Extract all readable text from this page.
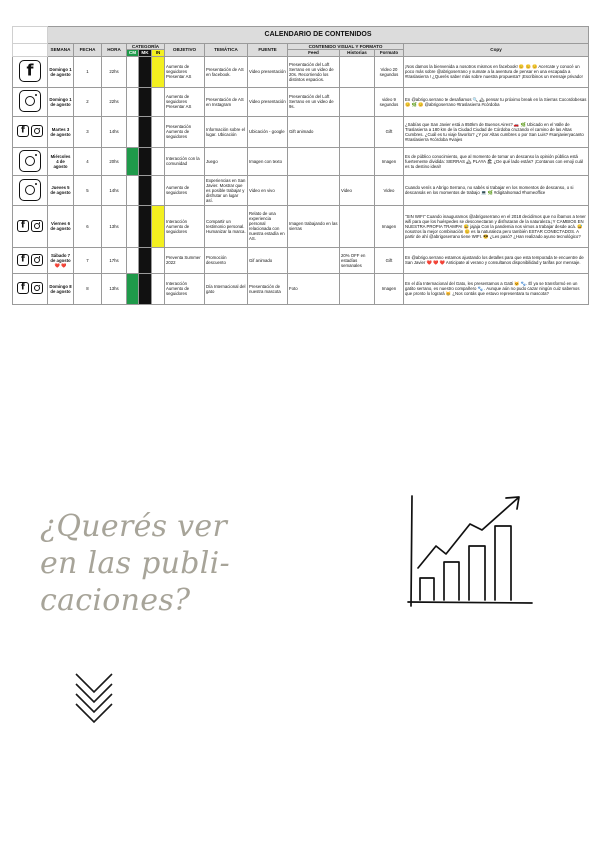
	CALENDARIO DE CONTENIDOS												
	SEMANA	FECHA	HORA	CATEGORÍA			OBJETIVO	TEMÁTICA	FUENTE	CONTENIDO VISUAL Y FORMATO			Copy
				CM	MK	IN				Feed	Historias	Formato	

f	Domingo 1 de agosto	1	22hs				Aumento de seguidores Presentar AS	Presentación de AS en facebook.	Video presentación	Presentación del Loft Serrano en un video de 20s. Recorriendo los distintos espacios.		Video 20 segundos	¡Nos damos la bienvenida a nosotros mismos en facebook! 😊 😊 😊 Acercate y conocé un poco más sobre @abrigoserrano y sumate a la aventura de pensar en una escapada a #traslasierra ! ¿Querés saber más sobre nuestra propuesta? ¡Escribinos un mensaje privado!

	Domingo 1 de agosto	2	22hs				Aumento de seguidores Presentar AS	Presentación de AS en Instagram	Video presentación	Presentación del Loft Serrano en un video de 9s.		video 9 segundos	En @abrigo.serrano te desafiamos 🔍 🏔 pensar tu próximo break en la Sierras Cocordobesas 😊 🌿 😊 @abrigoserrano #traslasierra #córdoba

f	Martes 3 de agosto	3	14hs				Presentación Aumento de seguidores	Información sobre el lugar. Ubicación	Ubicación - google	Gift animado		Gift	¿Sabías que San Javier está a 850km de Buenos Aires? 🚗 🌿 Ubicado en el Valle de Traslasierra a 180 km de la Ciudad Ciudad de Córdoba cruzando el camino de las Altas Cumbres. ¿Cuál es tu viaje favorito? ¿Y por Altas cumbres o por San Luis? #sanjavieryacanto #traslasierra #córdoba #viajes

	Miércoles 4 de agosto	4	20hs				Interacción con la comunidad	Juego	Imagen con texto			Imagen	Es de público conocimiento, que al momento de tomar un descanso la opinión pública está fuertemente dividida: SIERRAS 🏔 PLAYA 🏖 ¿De qué lado estás? ¡Contanos con emoji cuál es tu destino ideal!

	Jueves 5 de agosto	5	14hs				Aumento de seguidores	Experiencias en San Javier. Mostrar que es posible trabajar y disfrutar un lugar así.	Video en vivo		Video	Video	Cuando venís a Abrigo Serrano, no sabés si trabajar en los momentos de descanso, o si descansás en los momentos de trabajo 💻 🌿 #digitalnomad #homeoffice

f	Viernes 6 de agosto	6	13hs				Interacción Aumento de seguidores	Compartir un testimonio personal. Humanizar la marca.	Relato de una experiencia personal relacionada con nuestra estadía en AS.	Imagen trabajando en las sierras		Imagen	"SIN WIFI" Cuando inauguramos @abrigoserrano en el 2018 decidimos que no íbamos a tener wifi para que los huéspedes se desconectaran y disfrutaran de la naturaleza.¡Y CAMBIOS EN NUESTRA PROPIA TRAMPA! 😅 jajaja Con la pandemia nos vimos a trabajar desde acá. 😅 nosotros la mejor combinación 😊 es la naturaleza pero también ESTAR CONECTADOS. A partir de ahí @abrigoserrano tiene WIFI. 😎 ¿Les pasó? ¿Han realizado ayuno tecnológico?

f	Sábado 7 de agosto ❤️ ❤️	7	17hs				Preventa Summer 2022	Promoción descuento	Gif animado		20% OFF en estadías semanales	Gift	En @abrigo.serrano estamos ajustando los detalles para que esta temporada te encuentre de San Javier ❤️ ❤️ ❤️ Anticipate al verano y consultanos disponibilidad y tarifas por mensaje.

f	Domingo 8 de agosto	8	13hs				Interacción Aumento de seguidores	Día Internacional del gato	Presentación de nuestra mascota	Foto		Imagen	En el día Internacional del Gato, les presentamos a Gatti 🐱 🐾. Él ya se transformó en un gatito serrano, es nuestro compañero 🐾 . Aunque aún no pudo cazar ningún cuiz sabemos que pronto lo logrará 😸 ¿Nos contás que estuvo representara tu mascota?
¿Querés ver
en las publi-
caciones?
